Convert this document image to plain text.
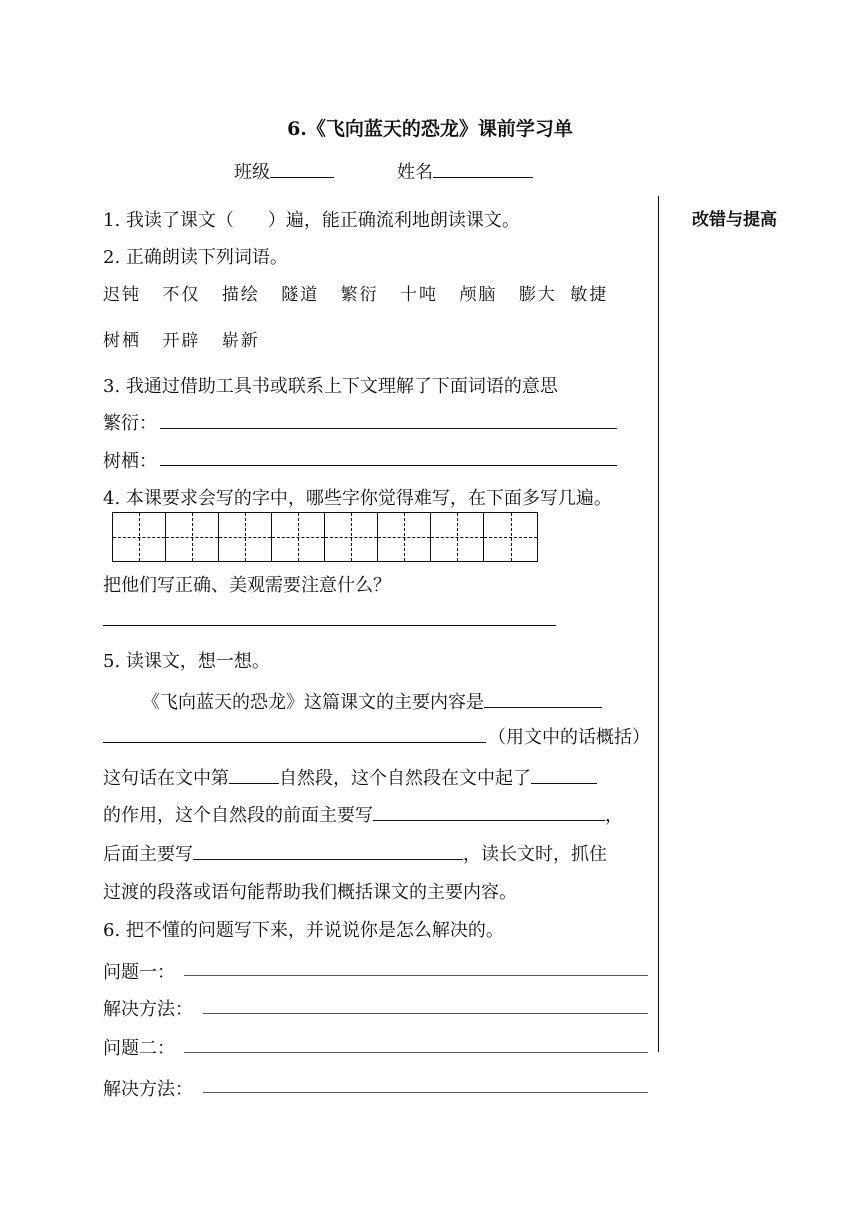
6.《飞向蓝天的恐龙》课前学习单
班级	姓名
改错与提高
1. 我读了课文（ ）遍，能正确流利地朗读课文。
2. 正确朗读下列词语。
迟钝 不仅 描绘 隧道 繁衍 十吨 颅脑 膨大 敏捷
树栖 开辟 崭新
3. 我通过借助工具书或联系上下文理解了下面词语的意思
繁衍：
树栖：
4. 本课要求会写的字中，哪些字你觉得难写，在下面多写几遍。
把他们写正确、美观需要注意什么？
5. 读课文，想一想。
《飞向蓝天的恐龙》这篇课文的主要内容是
（用文中的话概括）
这句话在文中第	自然段，这个自然段在文中起了
的作用，这个自然段的前面主要写	，
后面主要写	，读长文时，抓住
过渡的段落或语句能帮助我们概括课文的主要内容。
6. 把不懂的问题写下来，并说说你是怎么解决的。
问题一：
解决方法：
问题二：
解决方法：
